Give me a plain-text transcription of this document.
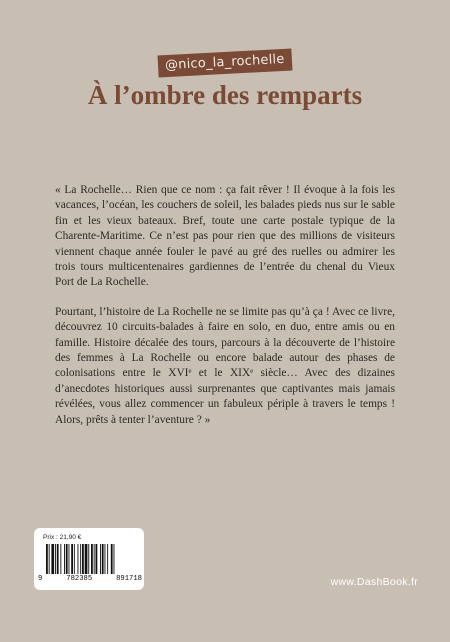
@nico_la_rochelle
À l’ombre des remparts

« La Rochelle… Rien que ce nom : ça fait rêver ! Il évoque à la fois les vacances, l’océan, les couchers de soleil, les balades pieds nus sur le sable fin et les vieux bateaux. Bref, toute une carte postale typique de la Charente-Maritime. Ce n’est pas pour rien que des millions de visiteurs viennent chaque année fouler le pavé au gré des ruelles ou admirer les trois tours multicentenaires gardiennes de l’entrée du chenal du Vieux Port de La Rochelle.

Pourtant, l’histoire de La Rochelle ne se limite pas qu’à ça ! Avec ce livre, découvrez 10 circuits-balades à faire en solo, en duo, entre amis ou en famille. Histoire décalée des tours, parcours à la découverte de l’histoire des femmes à La Rochelle ou encore balade autour des phases de colonisations entre le XVIᵉ et le XIXᵉ siècle… Avec des dizaines d’anecdotes historiques aussi surprenantes que captivantes mais jamais révélées, vous allez commencer un fabuleux périple à travers le temps ! Alors, prêts à tenter l’aventure ? »

Prix : 21,90 €
9	782385	891718	www.DashBook.fr
